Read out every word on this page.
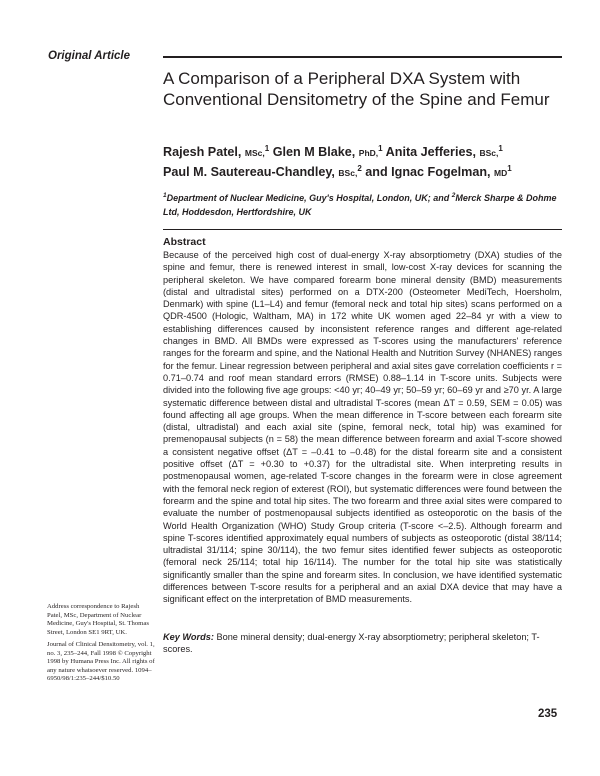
Original Article
A Comparison of a Peripheral DXA System with Conventional Densitometry of the Spine and Femur
Rajesh Patel, MSc,$^1$ Glen M Blake, PhD,$^1$ Anita Jefferies, BSc,$^1$
Paul M. Sautereau-Chandley, BSc,$^2$ and Ignac Fogelman, $MD^1$
$^1$Department of Nuclear Medicine, Guy's Hospital, London, UK; and $^2$Merck Sharpe & Dohme Ltd, Hoddesdon, Hertfordshire, UK
Abstract

Because of the perceived high cost of dual-energy X-ray absorptiometry (DXA) studies of the spine and femur, there is renewed interest in small, low-cost X-ray devices for scanning the peripheral skeleton. We have compared forearm bone mineral density (BMD) measurements (distal and ultradistal sites) performed on a DTX-200 (Osteometer MediTech, Hoersholm, Denmark) with spine (L1–L4) and femur (femoral neck and total hip sites) scans performed on a QDR-4500 (Hologic, Waltham, MA) in 172 white UK women aged 22–84 yr with a view to establishing differences caused by inconsistent reference ranges and different age-related changes in BMD. All BMDs were expressed as T-scores using the manufacturers' reference ranges for the forearm and spine, and the National Health and Nutrition Survey (NHANES) ranges for the femur. Linear regression between peripheral and axial sites gave correlation coefficients r = 0.71–0.74 and roof mean standard errors (RMSE) 0.88–1.14 in T-score units. Subjects were divided into the following five age groups: <40 yr; 40–49 yr; 50–59 yr; 60–69 yr and ≥70 yr. A large systematic difference between distal and ultradistal T-scores (mean ΔT = 0.59, SEM = 0.05) was found affecting all age groups. When the mean difference in T-score between each forearm site (distal, ultradistal) and each axial site (spine, femoral neck, total hip) was examined for premenopausal subjects (n = 58) the mean difference between forearm and axial T-score showed a consistent negative offset (ΔT = –0.41 to –0.48) for the distal forearm site and a consistent positive offset (ΔT = +0.30 to +0.37) for the ultradistal site. When interpreting results in postmenopausal women, age-related T-score changes in the forearm were in close agreement with the femoral neck region of exterest (ROI), but systematic differences were found between the forearm and the spine and total hip sites. The two forearm and three axial sites were compared to evaluate the number of postmenopausal subjects identified as osteoporotic on the basis of the World Health Organization (WHO) Study Group criteria (T-score <–2.5). Although forearm and spine T-scores identified approximately equal numbers of subjects as osteoporotic (distal 38/114; ultradistal 31/114; spine 30/114), the two femur sites identified fewer subjects as osteoporotic (femoral neck 25/114; total hip 16/114). The number for the total hip site was statistically significantly smaller than the spine and forearm sites. In conclusion, we have identified systematic differences between T-score results for a peripheral and an axial DXA device that may have a significant effect on the interpretation of BMD measurements.

Key Words: Bone mineral density; dual-energy X-ray absorptiometry; peripheral skeleton; T-scores.

Address correspondence to Rajesh Patel, MSc, Department of Nuclear Medicine, Guy's Hospital, St. Thomas Street, London SE1 9RT, UK.
Journal of Clinical Densitometry, vol. 1, no. 3, 235–244, Fall 1998 © Copyright 1998 by Humana Press Inc. All rights of any nature whatsoever reserved. 1094–6950/98/1:235–244/$10.50
235
